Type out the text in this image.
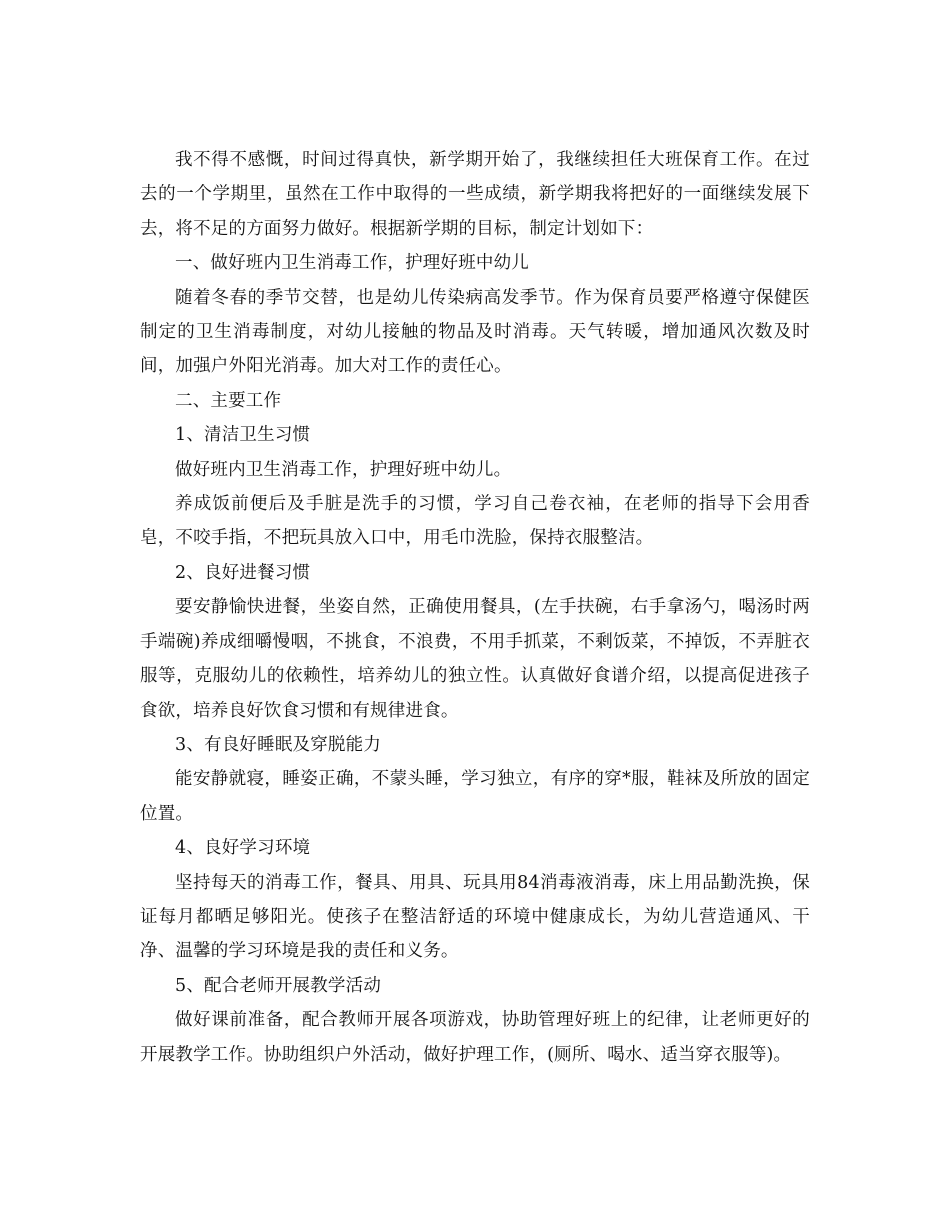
我不得不感慨，时间过得真快，新学期开始了，我继续担任大班保育工作。在过去的一个学期里，虽然在工作中取得的一些成绩，新学期我将把好的一面继续发展下去，将不足的方面努力做好。根据新学期的目标，制定计划如下：

一、做好班内卫生消毒工作，护理好班中幼儿

随着冬春的季节交替，也是幼儿传染病高发季节。作为保育员要严格遵守保健医制定的卫生消毒制度，对幼儿接触的物品及时消毒。天气转暖，增加通风次数及时间，加强户外阳光消毒。加大对工作的责任心。

二、主要工作

1、清洁卫生习惯

做好班内卫生消毒工作，护理好班中幼儿。

养成饭前便后及手脏是洗手的习惯，学习自己卷衣袖，在老师的指导下会用香皂，不咬手指，不把玩具放入口中，用毛巾洗脸，保持衣服整洁。

2、良好进餐习惯

要安静愉快进餐，坐姿自然，正确使用餐具，(左手扶碗，右手拿汤勺，喝汤时两手端碗)养成细嚼慢咽，不挑食，不浪费，不用手抓菜，不剩饭菜，不掉饭，不弄脏衣服等，克服幼儿的依赖性，培养幼儿的独立性。认真做好食谱介绍，以提高促进孩子食欲，培养良好饮食习惯和有规律进食。

3、有良好睡眠及穿脱能力

能安静就寝，睡姿正确，不蒙头睡，学习独立，有序的穿*服，鞋袜及所放的固定位置。

4、良好学习环境

坚持每天的消毒工作，餐具、用具、玩具用84消毒液消毒，床上用品勤洗换，保证每月都晒足够阳光。使孩子在整洁舒适的环境中健康成长，为幼儿营造通风、干净、温馨的学习环境是我的责任和义务。

5、配合老师开展教学活动

做好课前准备，配合教师开展各项游戏，协助管理好班上的纪律，让老师更好的开展教学工作。协助组织户外活动，做好护理工作，(厕所、喝水、适当穿衣服等)。
